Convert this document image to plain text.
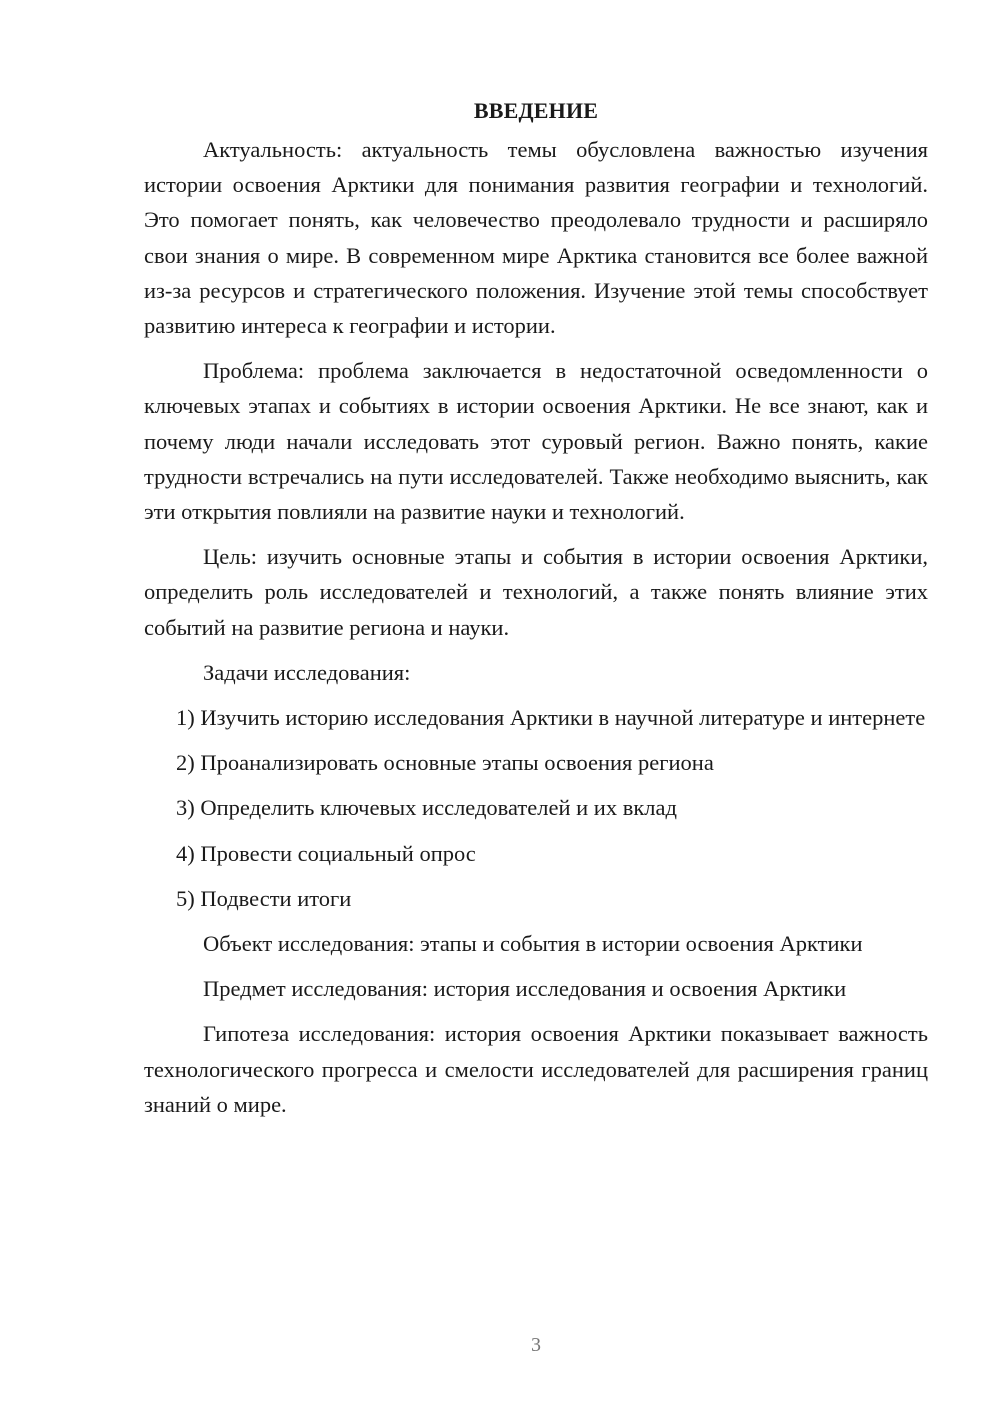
ВВЕДЕНИЕ

Актуальность: актуальность темы обусловлена важностью изучения истории освоения Арктики для понимания развития географии и технологий. Это помогает понять, как человечество преодолевало трудности и расширяло свои знания о мире. В современном мире Арктика становится все более важной из-за ресурсов и стратегического положения. Изучение этой темы способствует развитию интереса к географии и истории.

Проблема: проблема заключается в недостаточной осведомленности о ключевых этапах и событиях в истории освоения Арктики. Не все знают, как и почему люди начали исследовать этот суровый регион. Важно понять, какие трудности встречались на пути исследователей. Также необходимо выяснить, как эти открытия повлияли на развитие науки и технологий.

Цель: изучить основные этапы и события в истории освоения Арктики, определить роль исследователей и технологий, а также понять влияние этих событий на развитие региона и науки.

Задачи исследования:

1) Изучить историю исследования Арктики в научной литературе и интернете

2) Проанализировать основные этапы освоения региона

3) Определить ключевых исследователей и их вклад

4) Провести социальный опрос

5) Подвести итоги

Объект исследования: этапы и события в истории освоения Арктики

Предмет исследования: история исследования и освоения Арктики

Гипотеза исследования: история освоения Арктики показывает важность технологического прогресса и смелости исследователей для расширения границ знаний о мире.

3
